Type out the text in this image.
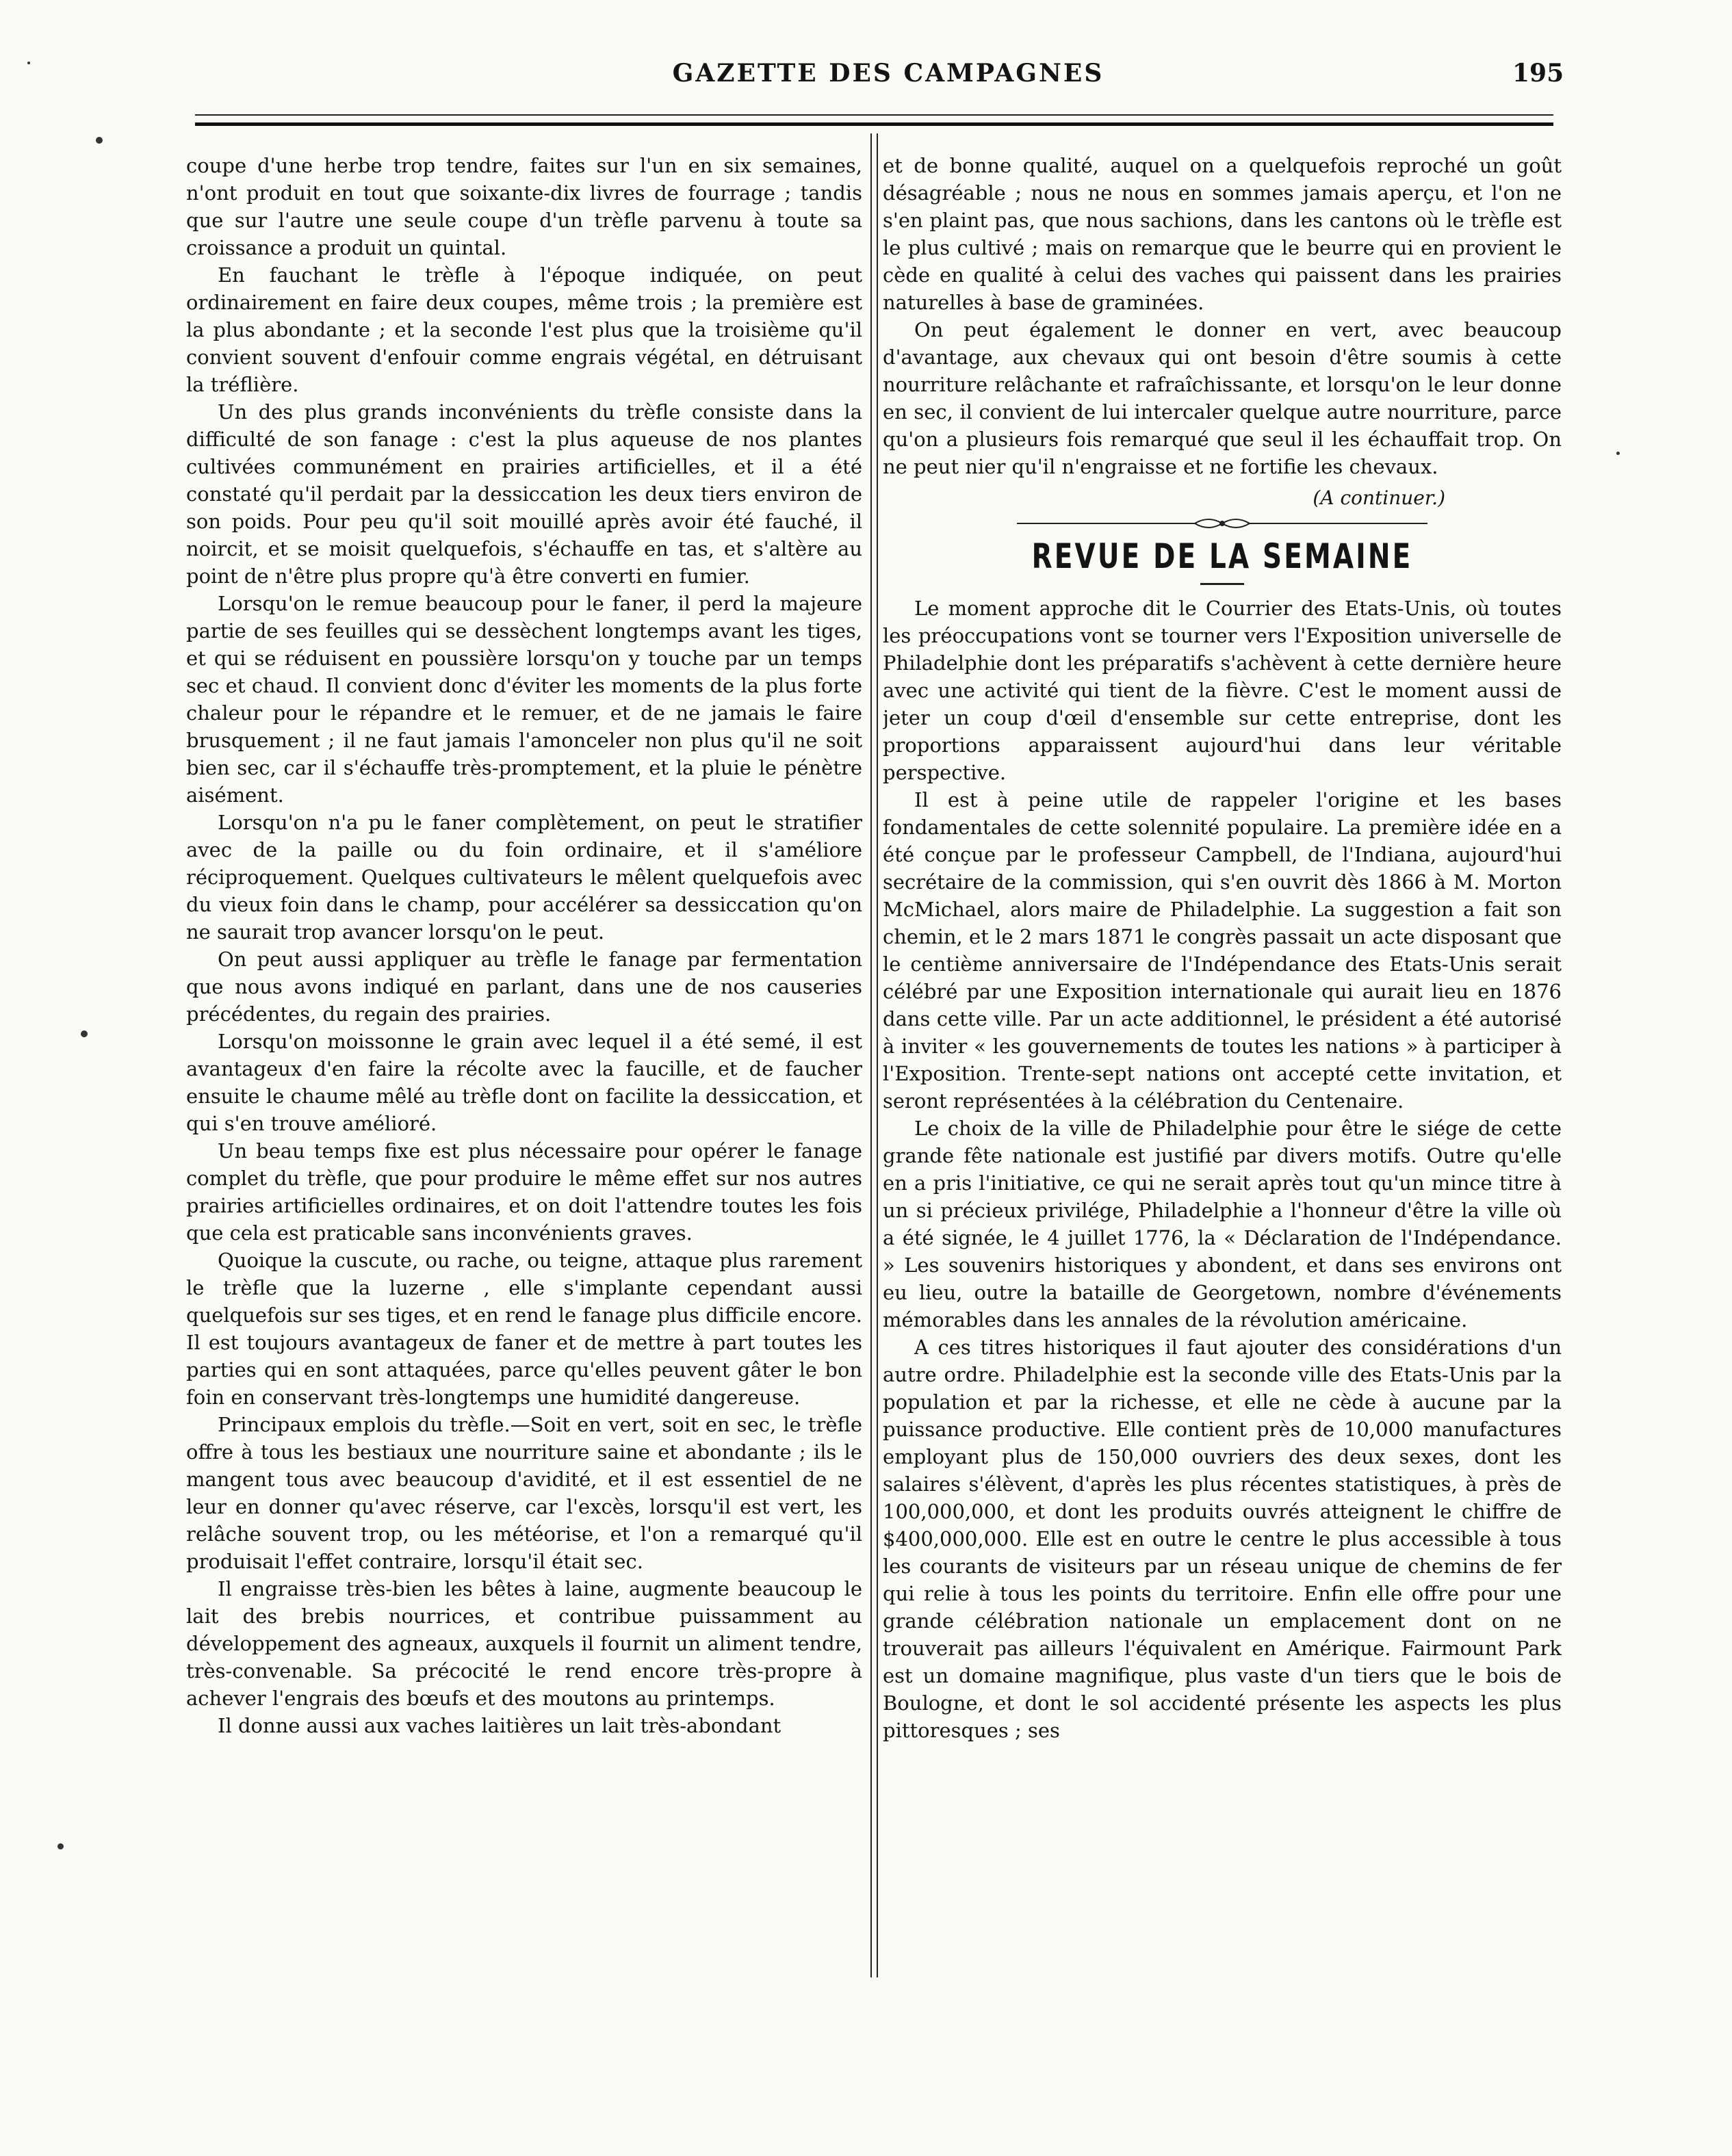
GAZETTE DES CAMPAGNES	195

coupe d'une herbe trop tendre, faites sur l'un en six semaines, n'ont produit en tout que soixante-dix livres de fourrage ; tandis que sur l'autre une seule coupe d'un trèfle parvenu à toute sa croissance a produit un quintal.

En fauchant le trèfle à l'époque indiquée, on peut ordinairement en faire deux coupes, même trois ; la première est la plus abondante ; et la seconde l'est plus que la troisième qu'il convient souvent d'enfouir comme engrais végétal, en détruisant la tréflière.

Un des plus grands inconvénients du trèfle consiste dans la difficulté de son fanage : c'est la plus aqueuse de nos plantes cultivées communément en prairies artificielles, et il a été constaté qu'il perdait par la dessiccation les deux tiers environ de son poids. Pour peu qu'il soit mouillé après avoir été fauché, il noircit, et se moisit quelquefois, s'échauffe en tas, et s'altère au point de n'être plus propre qu'à être converti en fumier.

Lorsqu'on le remue beaucoup pour le faner, il perd la majeure partie de ses feuilles qui se dessèchent longtemps avant les tiges, et qui se réduisent en poussière lorsqu'on y touche par un temps sec et chaud. Il convient donc d'éviter les moments de la plus forte chaleur pour le répandre et le remuer, et de ne jamais le faire brusquement ; il ne faut jamais l'amonceler non plus qu'il ne soit bien sec, car il s'échauffe très-promptement, et la pluie le pénètre aisément.

Lorsqu'on n'a pu le faner complètement, on peut le stratifier avec de la paille ou du foin ordinaire, et il s'améliore réciproquement. Quelques cultivateurs le mêlent quelquefois avec du vieux foin dans le champ, pour accélérer sa dessiccation qu'on ne saurait trop avancer lorsqu'on le peut.

On peut aussi appliquer au trèfle le fanage par fermentation que nous avons indiqué en parlant, dans une de nos causeries précédentes, du regain des prairies.

Lorsqu'on moissonne le grain avec lequel il a été semé, il est avantageux d'en faire la récolte avec la faucille, et de faucher ensuite le chaume mêlé au trèfle dont on facilite la dessiccation, et qui s'en trouve amélioré.

Un beau temps fixe est plus nécessaire pour opérer le fanage complet du trèfle, que pour produire le même effet sur nos autres prairies artificielles ordinaires, et on doit l'attendre toutes les fois que cela est praticable sans inconvénients graves.

Quoique la cuscute, ou rache, ou teigne, attaque plus rarement le trèfle que la luzerne , elle s'implante cependant aussi quelquefois sur ses tiges, et en rend le fanage plus difficile encore. Il est toujours avantageux de faner et de mettre à part toutes les parties qui en sont attaquées, parce qu'elles peuvent gâter le bon foin en conservant très-longtemps une humidité dangereuse.

Principaux emplois du trèfle.—Soit en vert, soit en sec, le trèfle offre à tous les bestiaux une nourriture saine et abondante ; ils le mangent tous avec beaucoup d'avidité, et il est essentiel de ne leur en donner qu'avec réserve, car l'excès, lorsqu'il est vert, les relâche souvent trop, ou les météorise, et l'on a remarqué qu'il produisait l'effet contraire, lorsqu'il était sec.

Il engraisse très-bien les bêtes à laine, augmente beaucoup le lait des brebis nourrices, et contribue puissamment au développement des agneaux, auxquels il fournit un aliment tendre, très-convenable. Sa précocité le rend encore très-propre à achever l'engrais des bœufs et des moutons au printemps.

Il donne aussi aux vaches laitières un lait très-abondant

et de bonne qualité, auquel on a quelquefois reproché un goût désagréable ; nous ne nous en sommes jamais aperçu, et l'on ne s'en plaint pas, que nous sachions, dans les cantons où le trèfle est le plus cultivé ; mais on remarque que le beurre qui en provient le cède en qualité à celui des vaches qui paissent dans les prairies naturelles à base de graminées.

On peut également le donner en vert, avec beaucoup d'avantage, aux chevaux qui ont besoin d'être soumis à cette nourriture relâchante et rafraîchissante, et lorsqu'on le leur donne en sec, il convient de lui intercaler quelque autre nourriture, parce qu'on a plusieurs fois remarqué que seul il les échauffait trop. On ne peut nier qu'il n'engraisse et ne fortifie les chevaux.

(A continuer.)
REVUE DE LA SEMAINE

Le moment approche dit le Courrier des Etats-Unis, où toutes les préoccupations vont se tourner vers l'Exposition universelle de Philadelphie dont les préparatifs s'achèvent à cette dernière heure avec une activité qui tient de la fièvre. C'est le moment aussi de jeter un coup d'œil d'ensemble sur cette entreprise, dont les proportions apparaissent aujourd'hui dans leur véritable perspective.

Il est à peine utile de rappeler l'origine et les bases fondamentales de cette solennité populaire. La première idée en a été conçue par le professeur Campbell, de l'Indiana, aujourd'hui secrétaire de la commission, qui s'en ouvrit dès 1866 à M. Morton McMichael, alors maire de Philadelphie. La suggestion a fait son chemin, et le 2 mars 1871 le congrès passait un acte disposant que le centième anniversaire de l'Indépendance des Etats-Unis serait célébré par une Exposition internationale qui aurait lieu en 1876 dans cette ville. Par un acte additionnel, le président a été autorisé à inviter « les gouvernements de toutes les nations » à participer à l'Exposition. Trente-sept nations ont accepté cette invitation, et seront représentées à la célébration du Centenaire.

Le choix de la ville de Philadelphie pour être le siége de cette grande fête nationale est justifié par divers motifs. Outre qu'elle en a pris l'initiative, ce qui ne serait après tout qu'un mince titre à un si précieux privilége, Philadelphie a l'honneur d'être la ville où a été signée, le 4 juillet 1776, la « Déclaration de l'Indépendance. » Les souvenirs historiques y abondent, et dans ses environs ont eu lieu, outre la bataille de Georgetown, nombre d'événements mémorables dans les annales de la révolution américaine.

A ces titres historiques il faut ajouter des considérations d'un autre ordre. Philadelphie est la seconde ville des Etats-Unis par la population et par la richesse, et elle ne cède à aucune par la puissance productive. Elle contient près de 10,000 manufactures employant plus de 150,000 ouvriers des deux sexes, dont les salaires s'élèvent, d'après les plus récentes statistiques, à près de 100,000,000, et dont les produits ouvrés atteignent le chiffre de $400,000,000. Elle est en outre le centre le plus accessible à tous les courants de visiteurs par un réseau unique de chemins de fer qui relie à tous les points du territoire. Enfin elle offre pour une grande célébration nationale un emplacement dont on ne trouverait pas ailleurs l'équivalent en Amérique. Fairmount Park est un domaine magnifique, plus vaste d'un tiers que le bois de Boulogne, et dont le sol accidenté présente les aspects les plus pittoresques ; ses
